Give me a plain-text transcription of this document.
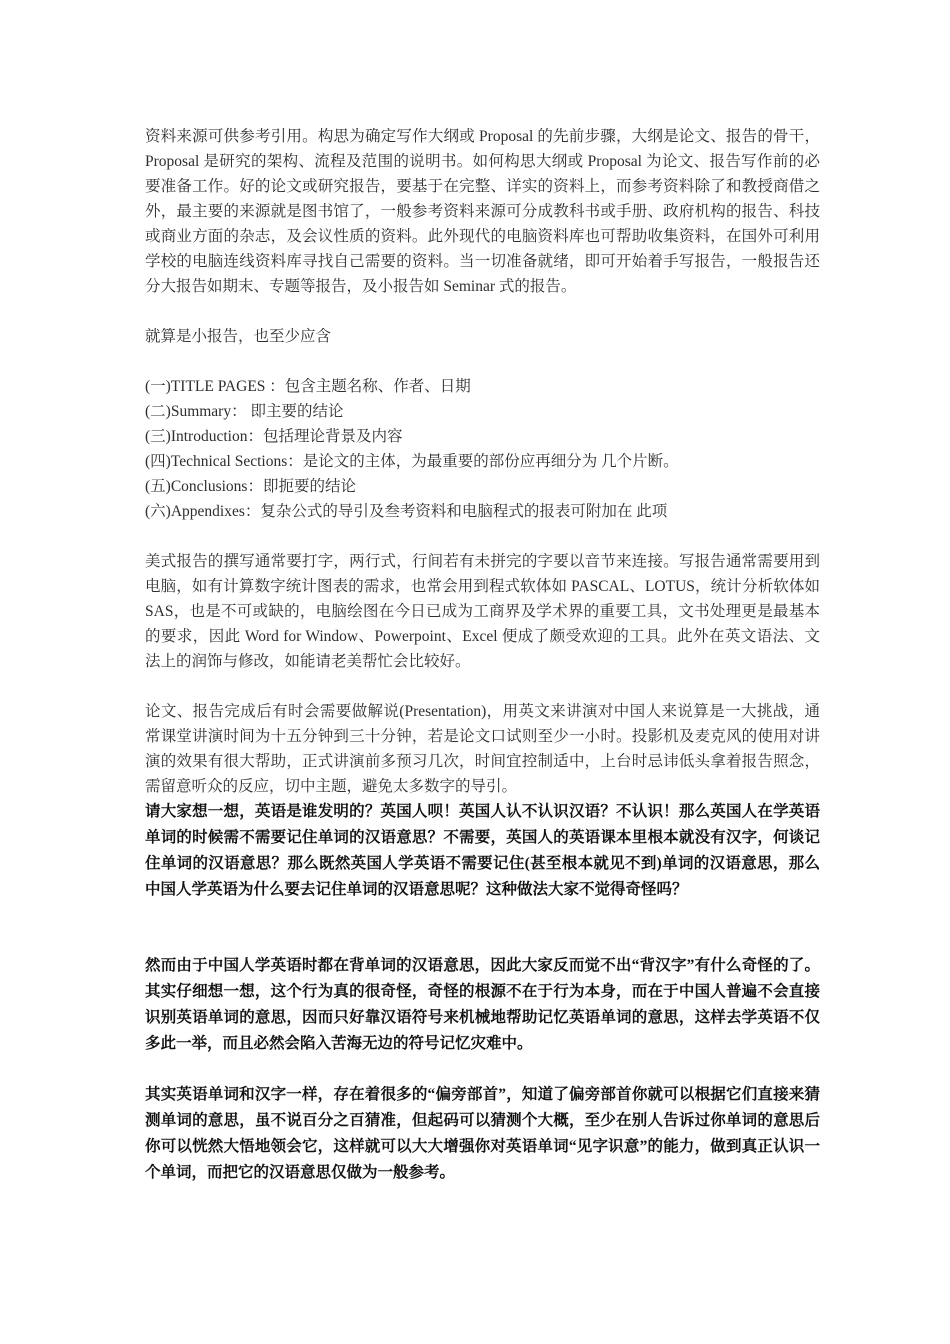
资料来源可供参考引用。构思为确定写作大纲或 Proposal 的先前步骤，大纲是论文、报告的骨干，Proposal 是研究的架构、流程及范围的说明书。如何构思大纲或 Proposal 为论文、报告写作前的必要准备工作。好的论文或研究报告，要基于在完整、详实的资料上，而参考资料除了和教授商借之外，最主要的来源就是图书馆了，一般参考资料来源可分成教科书或手册、政府机构的报告、科技或商业方面的杂志，及会议性质的资料。此外现代的电脑资料库也可帮助收集资料，在国外可利用学校的电脑连线资料库寻找自己需要的资料。当一切准备就绪，即可开始着手写报告，一般报告还分大报告如期末、专题等报告，及小报告如 Seminar 式的报告。

就算是小报告，也至少应含

(一)TITLE PAGES ：包含主题名称、作者、日期
(二)Summary： 即主要的结论
(三)Introduction：包括理论背景及内容
(四)Technical Sections：是论文的主体，为最重要的部份应再细分为 几个片断。
(五)Conclusions：即扼要的结论
(六)Appendixes：复杂公式的导引及叁考资料和电脑程式的报表可附加在 此项

美式报告的撰写通常要打字，两行式，行间若有未拼完的字要以音节来连接。写报告通常需要用到电脑，如有计算数字统计图表的需求，也常会用到程式软体如 PASCAL、LOTUS，统计分析软体如 SAS，也是不可或缺的，电脑绘图在今日已成为工商界及学术界的重要工具，文书处理更是最基本的要求，因此 Word for Window、Powerpoint、Excel 便成了颇受欢迎的工具。此外在英文语法、文法上的润饰与修改，如能请老美帮忙会比较好。

论文、报告完成后有时会需要做解说(Presentation)，用英文来讲演对中国人来说算是一大挑战，通常课堂讲演时间为十五分钟到三十分钟，若是论文口试则至少一小时。投影机及麦克风的使用对讲演的效果有很大帮助，正式讲演前多预习几次，时间宜控制适中，上台时忌讳低头拿着报告照念，需留意听众的反应，切中主题，避免太多数字的导引。

请大家想一想，英语是谁发明的？英国人呗！英国人认不认识汉语？不认识！那么英国人在学英语单词的时候需不需要记住单词的汉语意思？不需要，英国人的英语课本里根本就没有汉字，何谈记住单词的汉语意思？那么既然英国人学英语不需要记住(甚至根本就见不到)单词的汉语意思，那么中国人学英语为什么要去记住单词的汉语意思呢？这种做法大家不觉得奇怪吗？

然而由于中国人学英语时都在背单词的汉语意思，因此大家反而觉不出“背汉字”有什么奇怪的了。其实仔细想一想，这个行为真的很奇怪，奇怪的根源不在于行为本身，而在于中国人普遍不会直接识别英语单词的意思，因而只好靠汉语符号来机械地帮助记忆英语单词的意思，这样去学英语不仅多此一举，而且必然会陷入苦海无边的符号记忆灾难中。

其实英语单词和汉字一样，存在着很多的“偏旁部首”，知道了偏旁部首你就可以根据它们直接来猜测单词的意思，虽不说百分之百猜准，但起码可以猜测个大概，至少在别人告诉过你单词的意思后你可以恍然大悟地领会它，这样就可以大大增强你对英语单词“见字识意”的能力，做到真正认识一个单词，而把它的汉语意思仅做为一般参考。
